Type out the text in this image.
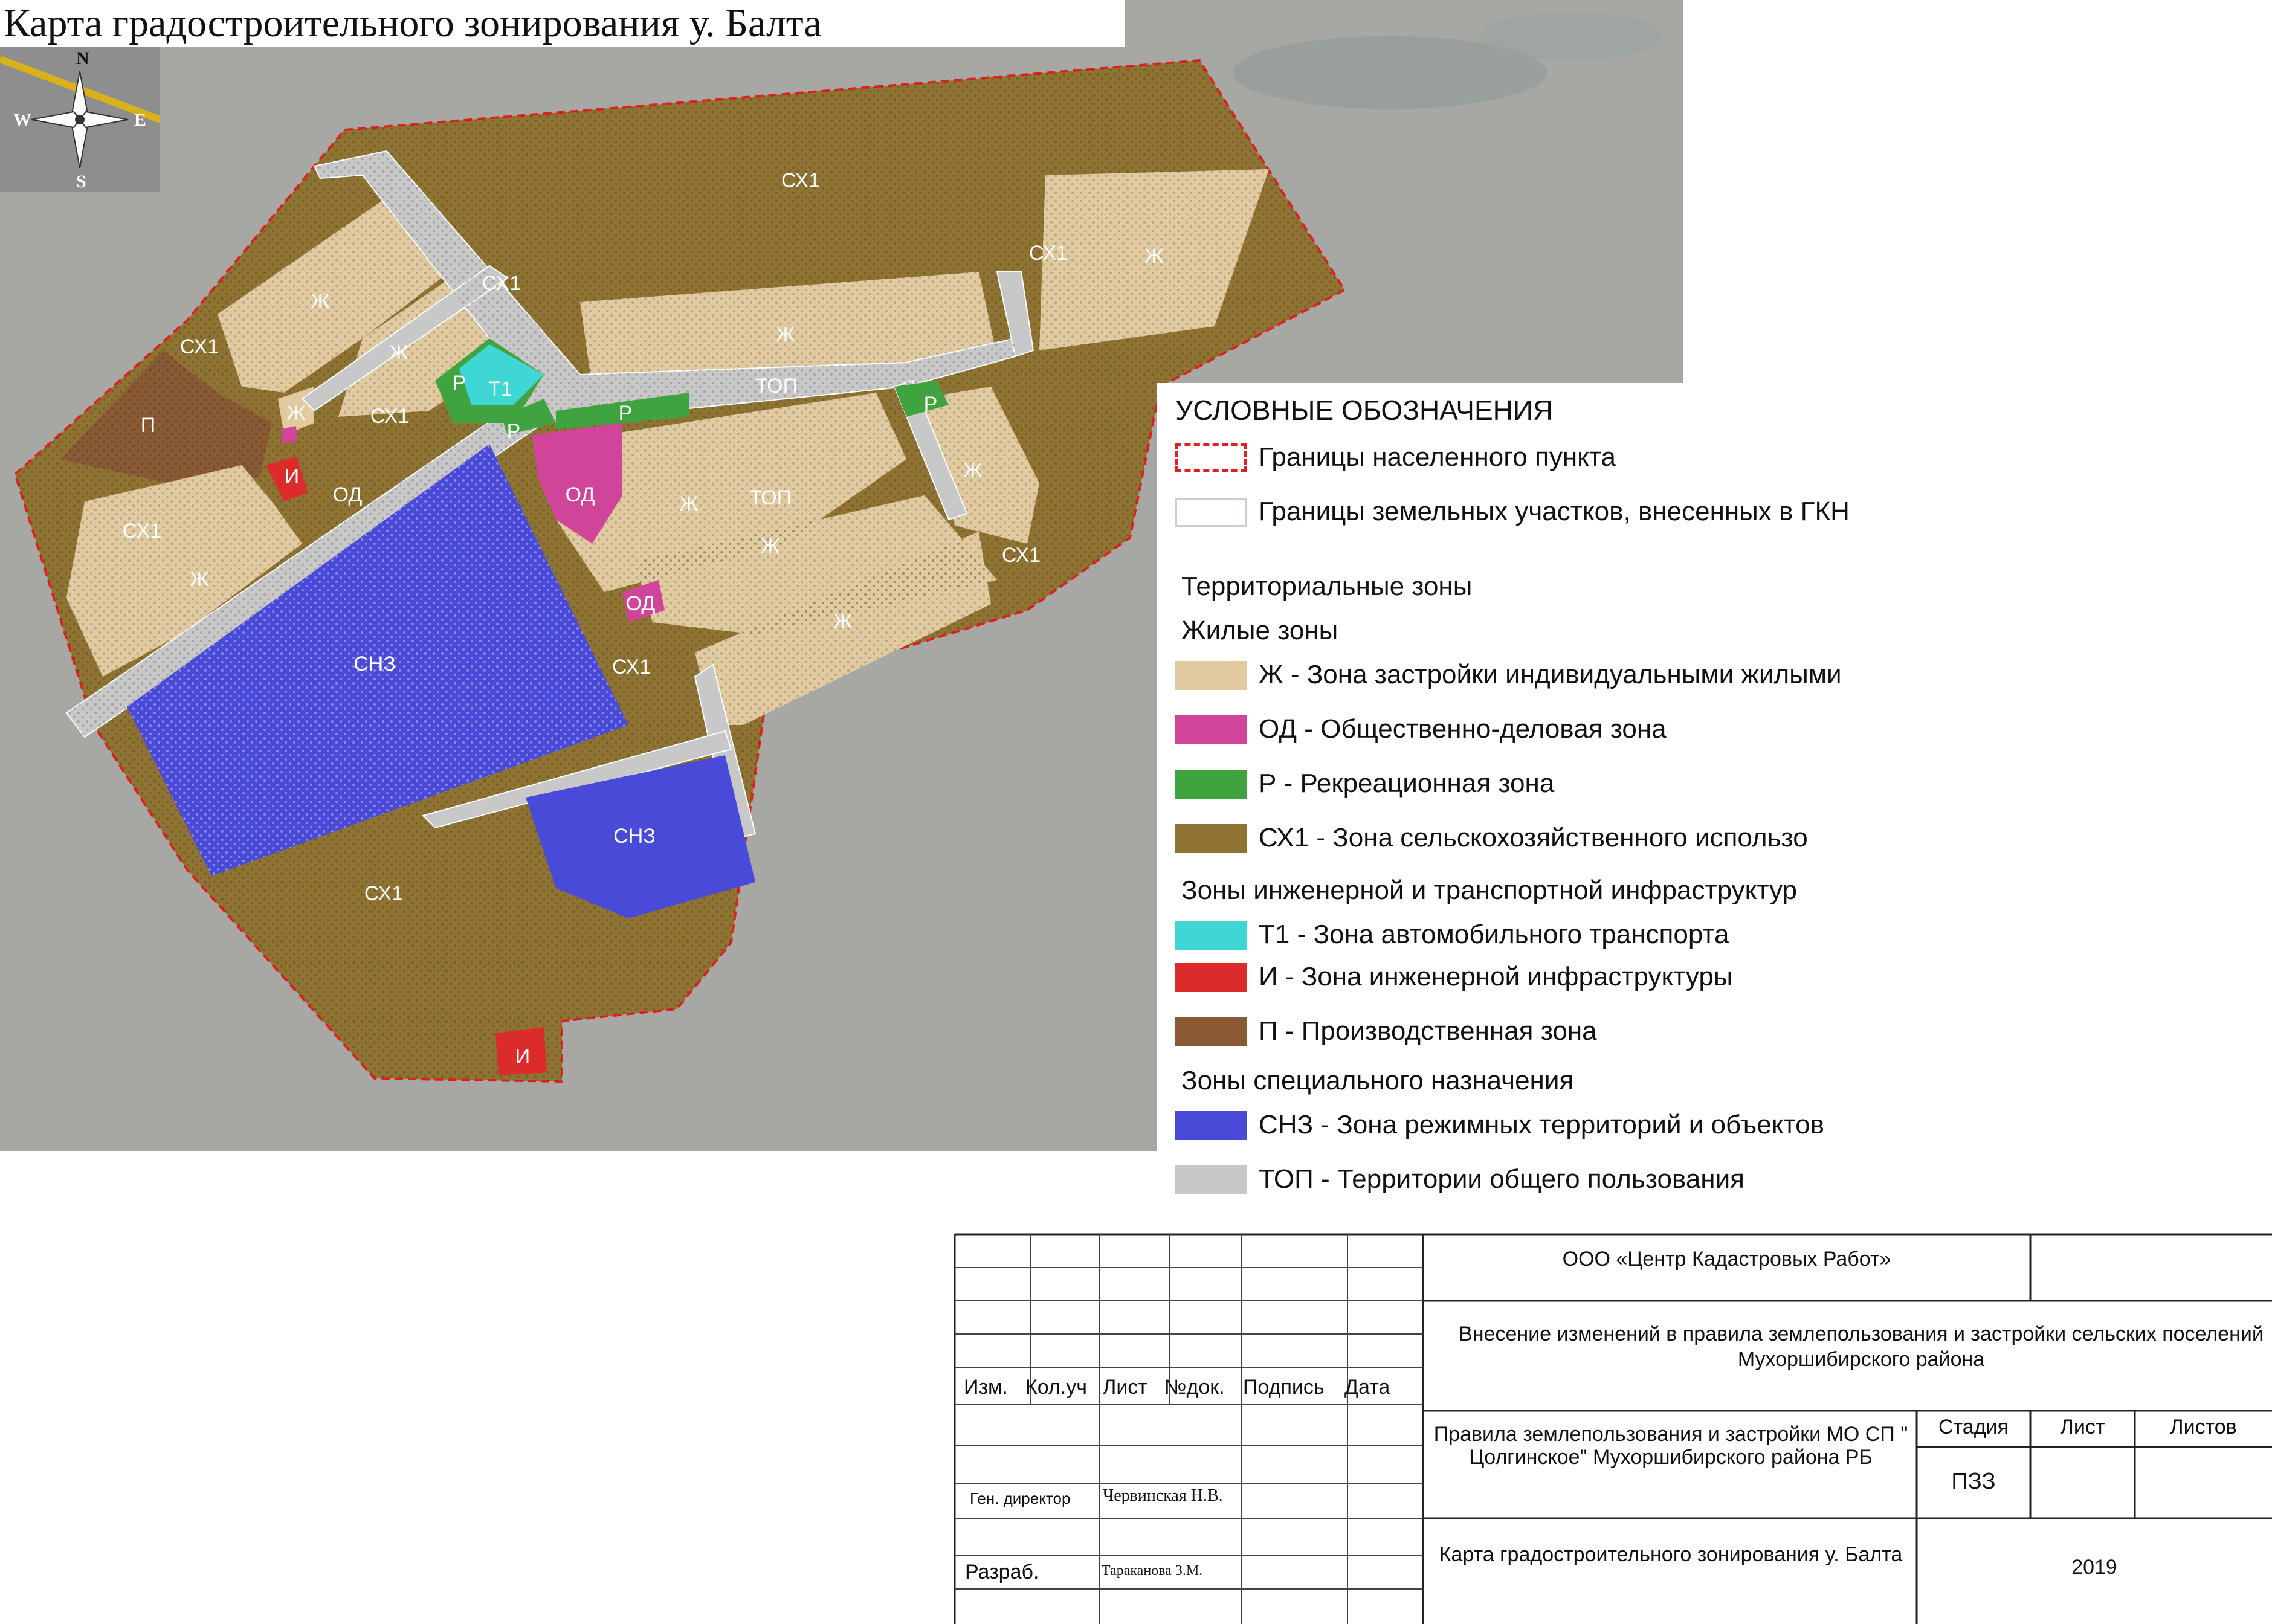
СХ1
СХ1
СХ1
СХ1
СХ1
СХ1
СХ1
СХ1
СХ1
Ж
Ж
Ж
Ж
Ж
Ж
Ж
Ж
Ж
Ж
ТОП
ТОП
Р
Р
Р	Р
Т1
П
И
И
ОД	ОД
ОД
СНЗ
СНЗ
Карта градостроительного зонирования у. Балта
N
W	E
S
УСЛОВНЫЕ ОБОЗНАЧЕНИЯ
Границы населенного пункта
Границы земельных участков, внесенных в ГКН
Территориальные зоны
Жилые зоны
Ж - Зона застройки индивидуальными жилыми
ОД - Общественно-деловая зона
Р - Рекреационная зона
СХ1 - Зона сельскохозяйственного использо
Зоны инженерной и транспортной инфраструктур
Т1 - Зона автомобильного транспорта
И - Зона инженерной инфраструктуры
П - Производственная зона
Зоны специального назначения
СНЗ - Зона режимных территорий и объектов
ТОП - Территории общего пользования
ООО «Центр Кадастровых Работ»
Внесение изменений в правила землепользования и застройки сельских поселений Мухоршибирского района
Изм. Кол.уч Лист №док. Подпись Дата
Правила землепользования и застройки МО СП " Цолгинское" Мухоршибирского района РБ
Стадия	Лист	Листов
ПЗЗ
Ген. директор Червинская Н.В.
Разраб.	Тараканова З.М.
Карта градостроительного зонирования у. Балта
2019
